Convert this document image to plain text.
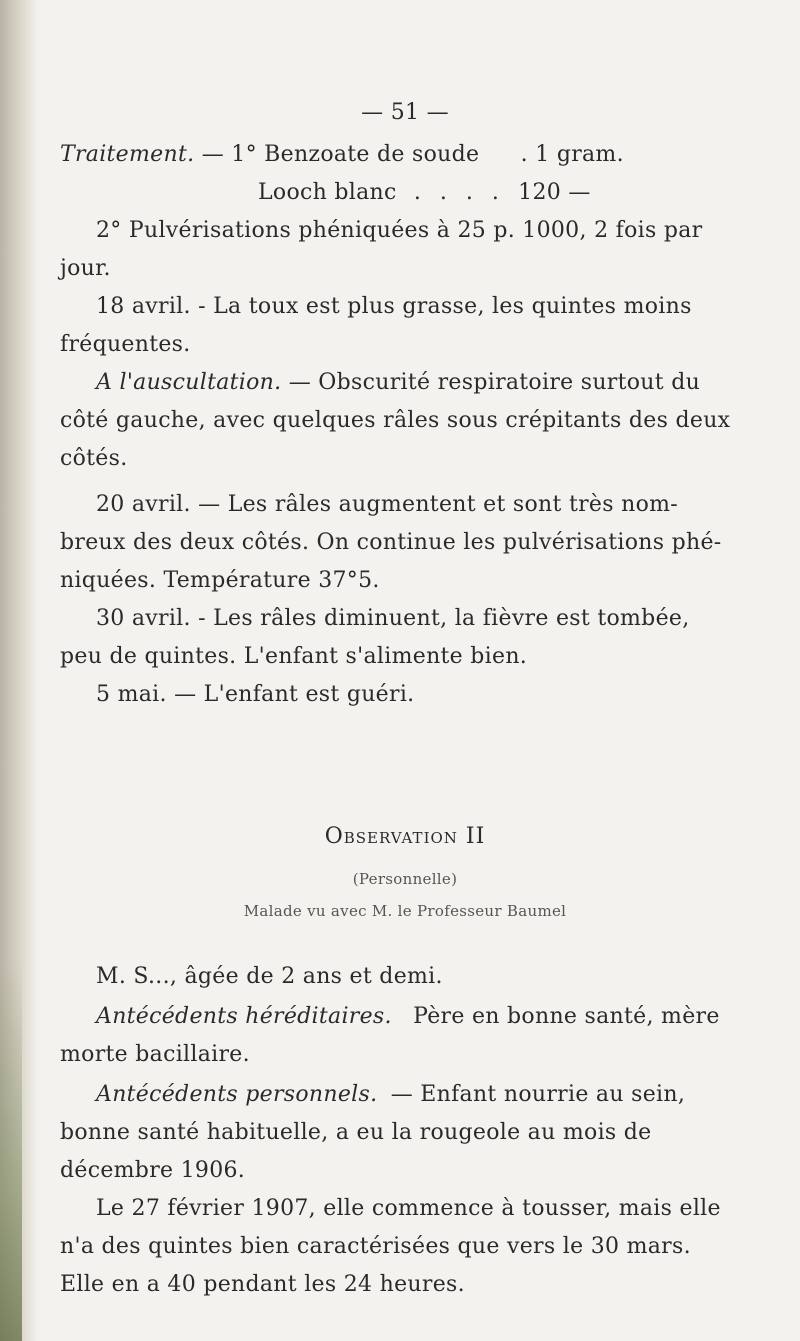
— 51 —
Traitement. — 1° Benzoate de soude . 1 gram.
Looch blanc . . . . 120 —
2° Pulvérisations phéniquées à 25 p. 1000, 2 fois par
jour.
18 avril. - La toux est plus grasse, les quintes moins
fréquentes.
A l'auscultation. — Obscurité respiratoire surtout du
côté gauche, avec quelques râles sous crépitants des deux
côtés.
20 avril. — Les râles augmentent et sont très nom-
breux des deux côtés. On continue les pulvérisations phé-
niquées. Température 37°5.
30 avril. - Les râles diminuent, la fièvre est tombée,
peu de quintes. L'enfant s'alimente bien.
5 mai. — L'enfant est guéri.
Observation II
(Personnelle)
Malade vu avec M. le Professeur Baumel
M. S..., âgée de 2 ans et demi.
Antécédents héréditaires. Père en bonne santé, mère
morte bacillaire.
Antécédents personnels. — Enfant nourrie au sein,
bonne santé habituelle, a eu la rougeole au mois de
décembre 1906.
Le 27 février 1907, elle commence à tousser, mais elle
n'a des quintes bien caractérisées que vers le 30 mars.
Elle en a 40 pendant les 24 heures.
